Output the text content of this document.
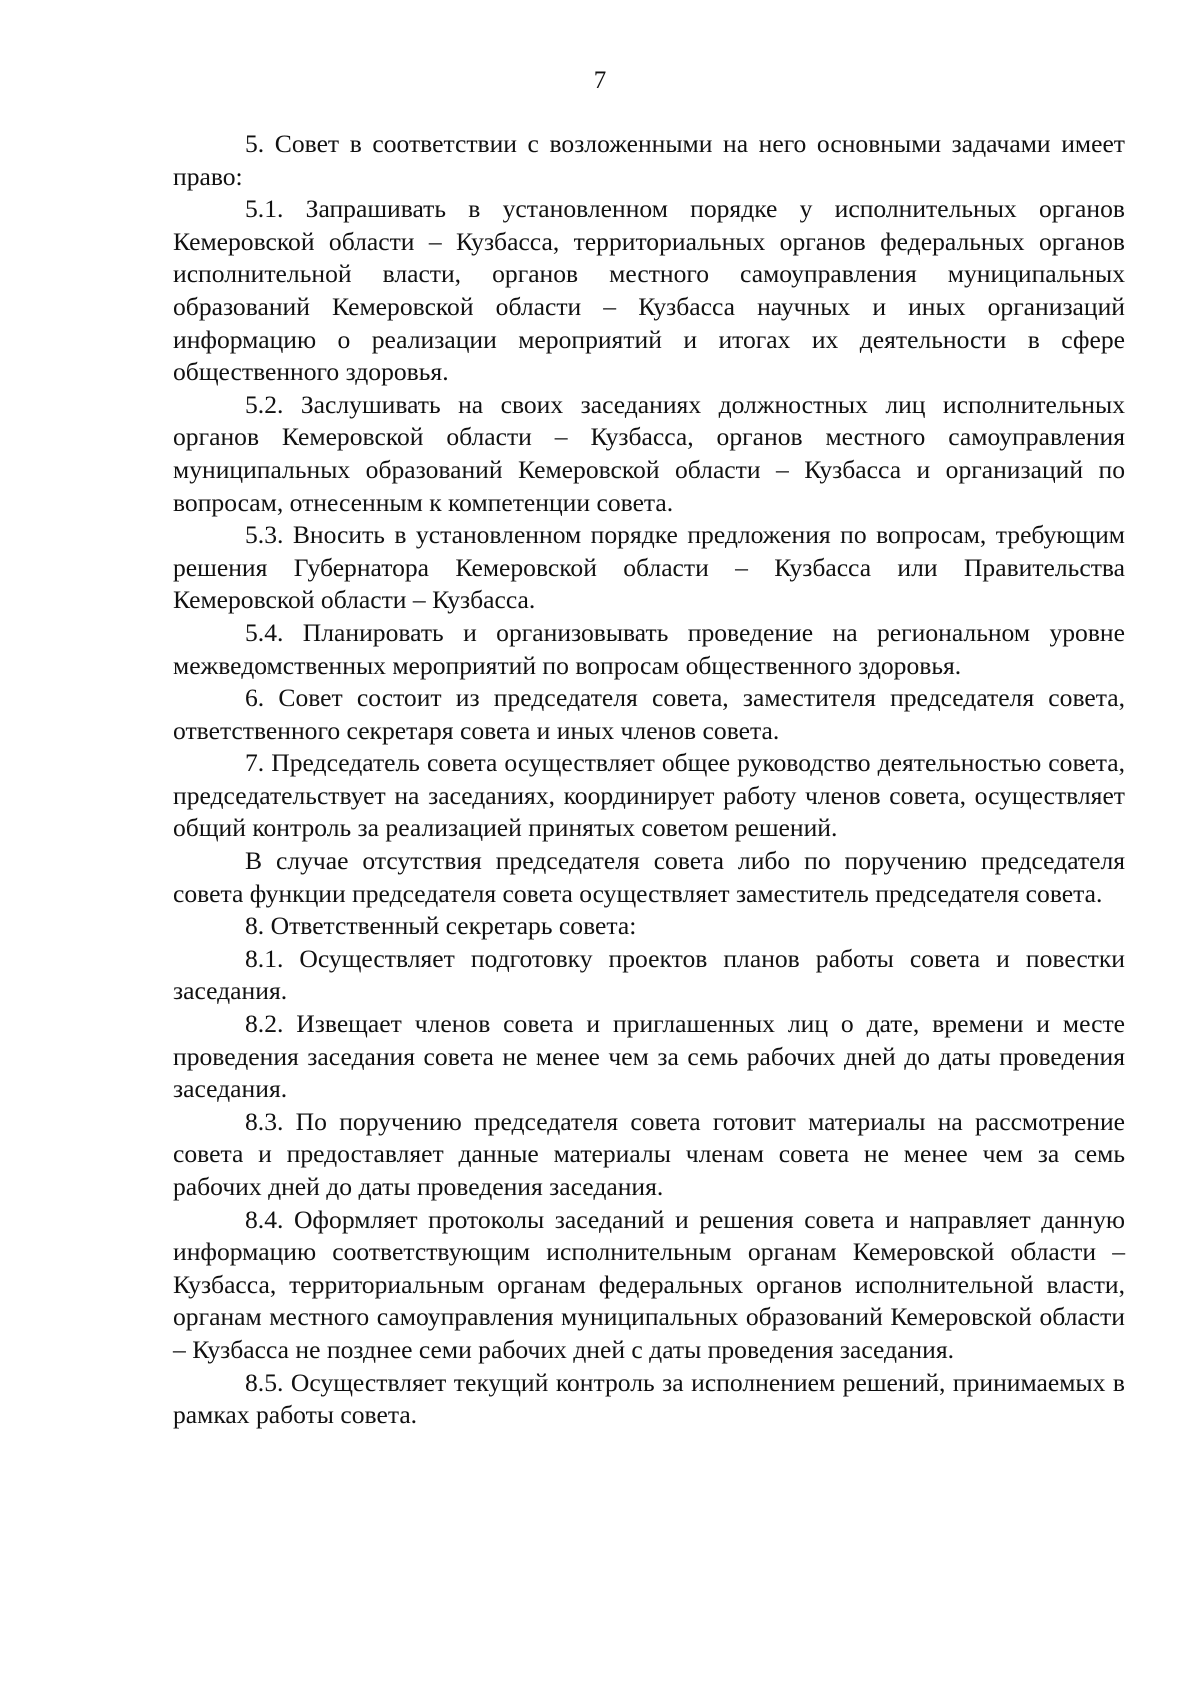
7

5. Совет в соответствии с возложенными на него основными задачами имеет право:

5.1. Запрашивать в установленном порядке у исполнительных органов Кемеровской области – Кузбасса, территориальных органов федеральных органов исполнительной власти, органов местного самоуправления муниципальных образований Кемеровской области – Кузбасса научных и иных организаций информацию о реализации мероприятий и итогах их деятельности в сфере общественного здоровья.

5.2. Заслушивать на своих заседаниях должностных лиц исполнительных органов Кемеровской области – Кузбасса, органов местного самоуправления муниципальных образований Кемеровской области – Кузбасса и организаций по вопросам, отнесенным к компетенции совета.

5.3. Вносить в установленном порядке предложения по вопросам, требующим решения Губернатора Кемеровской области – Кузбасса или Правительства Кемеровской области – Кузбасса.

5.4. Планировать и организовывать проведение на региональном уровне межведомственных мероприятий по вопросам общественного здоровья.

6. Совет состоит из председателя совета, заместителя председателя совета, ответственного секретаря совета и иных членов совета.

7. Председатель совета осуществляет общее руководство деятельностью совета, председательствует на заседаниях, координирует работу членов совета, осуществляет общий контроль за реализацией принятых советом решений.

В случае отсутствия председателя совета либо по поручению председателя совета функции председателя совета осуществляет заместитель председателя совета.

8. Ответственный секретарь совета:

8.1. Осуществляет подготовку проектов планов работы совета и повестки заседания.

8.2. Извещает членов совета и приглашенных лиц о дате, времени и месте проведения заседания совета не менее чем за семь рабочих дней до даты проведения заседания.

8.3. По поручению председателя совета готовит материалы на рассмотрение совета и предоставляет данные материалы членам совета не менее чем за семь рабочих дней до даты проведения заседания.

8.4. Оформляет протоколы заседаний и решения совета и направляет данную информацию соответствующим исполнительным органам Кемеровской области – Кузбасса, территориальным органам федеральных органов исполнительной власти, органам местного самоуправления муниципальных образований Кемеровской области – Кузбасса не позднее семи рабочих дней с даты проведения заседания.

8.5. Осуществляет текущий контроль за исполнением решений, принимаемых в рамках работы совета.
